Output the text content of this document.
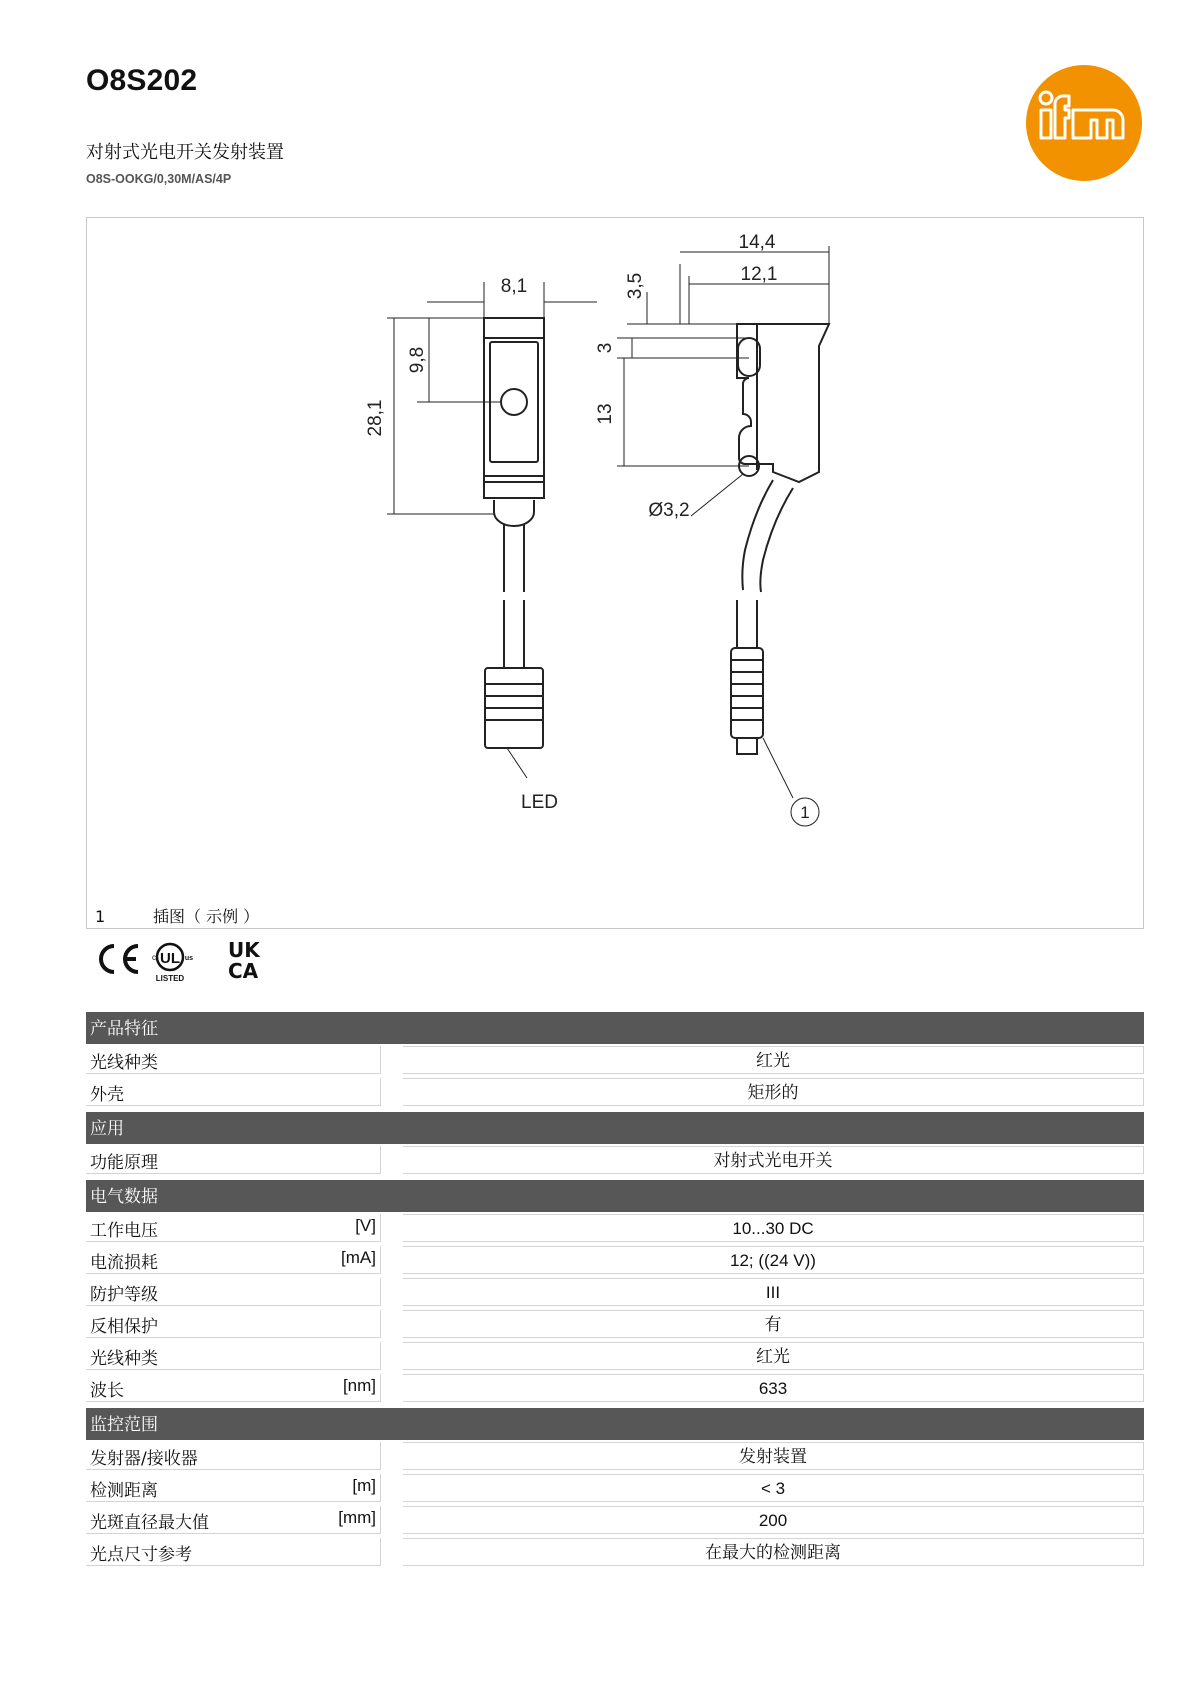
O8S202
对射式光电开关发射装置
O8S-OOKG/0,30M/AS/4P
8,1
28,1
9,8
14,4
12,1
3,5
3
13
Ø3,2
LED	1
1	插图（ 示例 ）
UL
c	us
LISTED
UK
CA
产品特征
光线种类	红光
外壳	矩形的
应用
功能原理	对射式光电开关
电气数据
工作电压	[V]	10...30 DC
电流损耗	[mA]	12; ((24 V))
防护等级	III
反相保护	有
光线种类	红光
波长	[nm]	633
监控范围
发射器/接收器	发射装置
检测距离	[m]	< 3
光斑直径最大值	[mm]	200
光点尺寸参考	在最大的检测距离
